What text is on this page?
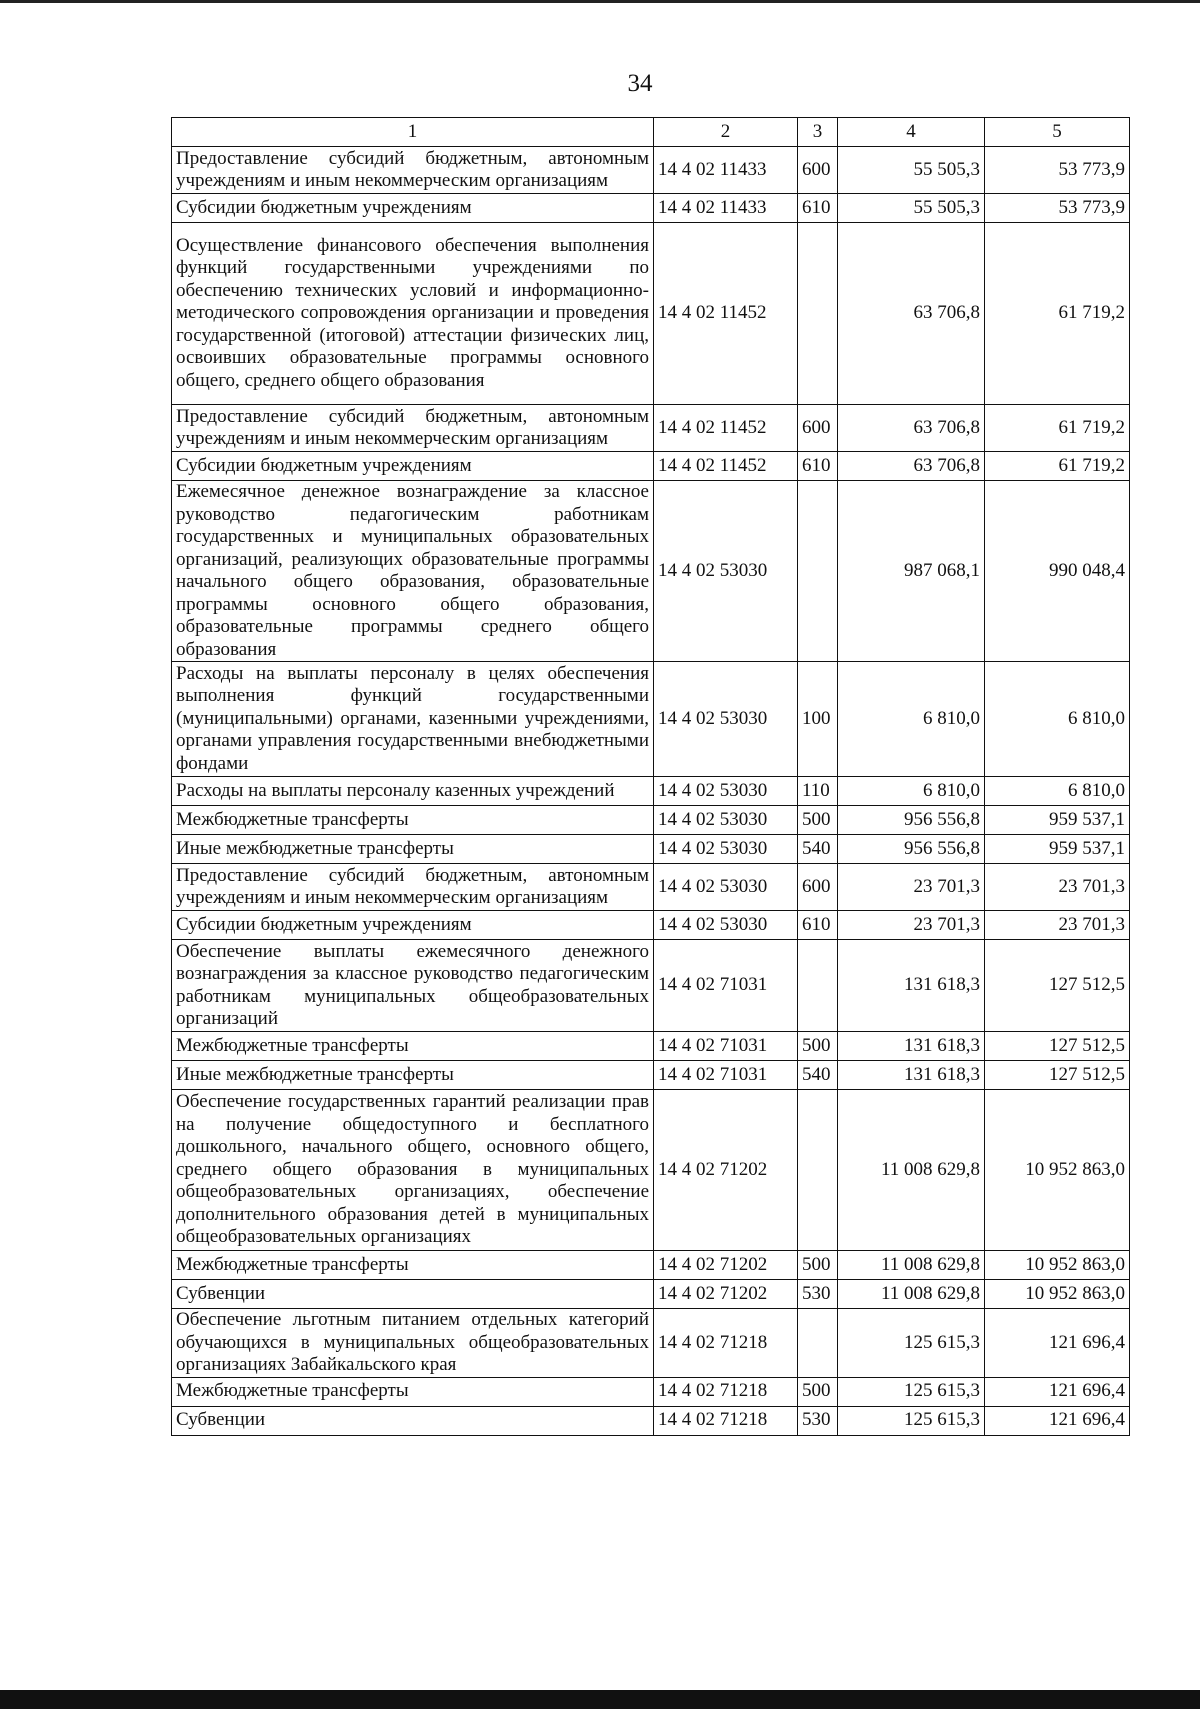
34
1	2	3	4	5
Предоставление субсидий бюджетным, автономным учреждениям и иным некоммерческим организациям	14 4 02 11433	600	55 505,3	53 773,9
Субсидии бюджетным учреждениям	14 4 02 11433	610	55 505,3	53 773,9
Осуществление финансового обеспечения выполнения функций государственными учреждениями по обеспечению технических условий и информационно-методического сопровождения организации и проведения государственной (итоговой) аттестации физических лиц, освоивших образовательные программы основного общего, среднего общего образования	14 4 02 11452		63 706,8	61 719,2
Предоставление субсидий бюджетным, автономным учреждениям и иным некоммерческим организациям	14 4 02 11452	600	63 706,8	61 719,2
Субсидии бюджетным учреждениям	14 4 02 11452	610	63 706,8	61 719,2
Ежемесячное денежное вознаграждение за классное руководство педагогическим работникам государственных и муниципальных образовательных организаций, реализующих образовательные программы начального общего образования, образовательные программы основного общего образования, образовательные программы среднего общего образования	14 4 02 53030		987 068,1	990 048,4
Расходы на выплаты персоналу в целях обеспечения выполнения функций государственными (муниципальными) органами, казенными учреждениями, органами управления государственными внебюджетными фондами	14 4 02 53030	100	6 810,0	6 810,0
Расходы на выплаты персоналу казенных учреждений	14 4 02 53030	110	6 810,0	6 810,0
Межбюджетные трансферты	14 4 02 53030	500	956 556,8	959 537,1
Иные межбюджетные трансферты	14 4 02 53030	540	956 556,8	959 537,1
Предоставление субсидий бюджетным, автономным учреждениям и иным некоммерческим организациям	14 4 02 53030	600	23 701,3	23 701,3
Субсидии бюджетным учреждениям	14 4 02 53030	610	23 701,3	23 701,3
Обеспечение выплаты ежемесячного денежного вознаграждения за классное руководство педагогическим работникам муниципальных общеобразовательных организаций	14 4 02 71031		131 618,3	127 512,5
Межбюджетные трансферты	14 4 02 71031	500	131 618,3	127 512,5
Иные межбюджетные трансферты	14 4 02 71031	540	131 618,3	127 512,5
Обеспечение государственных гарантий реализации прав на получение общедоступного и бесплатного дошкольного, начального общего, основного общего, среднего общего образования в муниципальных общеобразовательных организациях, обеспечение дополнительного образования детей в муниципальных общеобразовательных организациях	14 4 02 71202		11 008 629,8	10 952 863,0
Межбюджетные трансферты	14 4 02 71202	500	11 008 629,8	10 952 863,0
Субвенции	14 4 02 71202	530	11 008 629,8	10 952 863,0
Обеспечение льготным питанием отдельных категорий обучающихся в муниципальных общеобразовательных организациях Забайкальского края	14 4 02 71218		125 615,3	121 696,4
Межбюджетные трансферты	14 4 02 71218	500	125 615,3	121 696,4
Субвенции	14 4 02 71218	530	125 615,3	121 696,4
